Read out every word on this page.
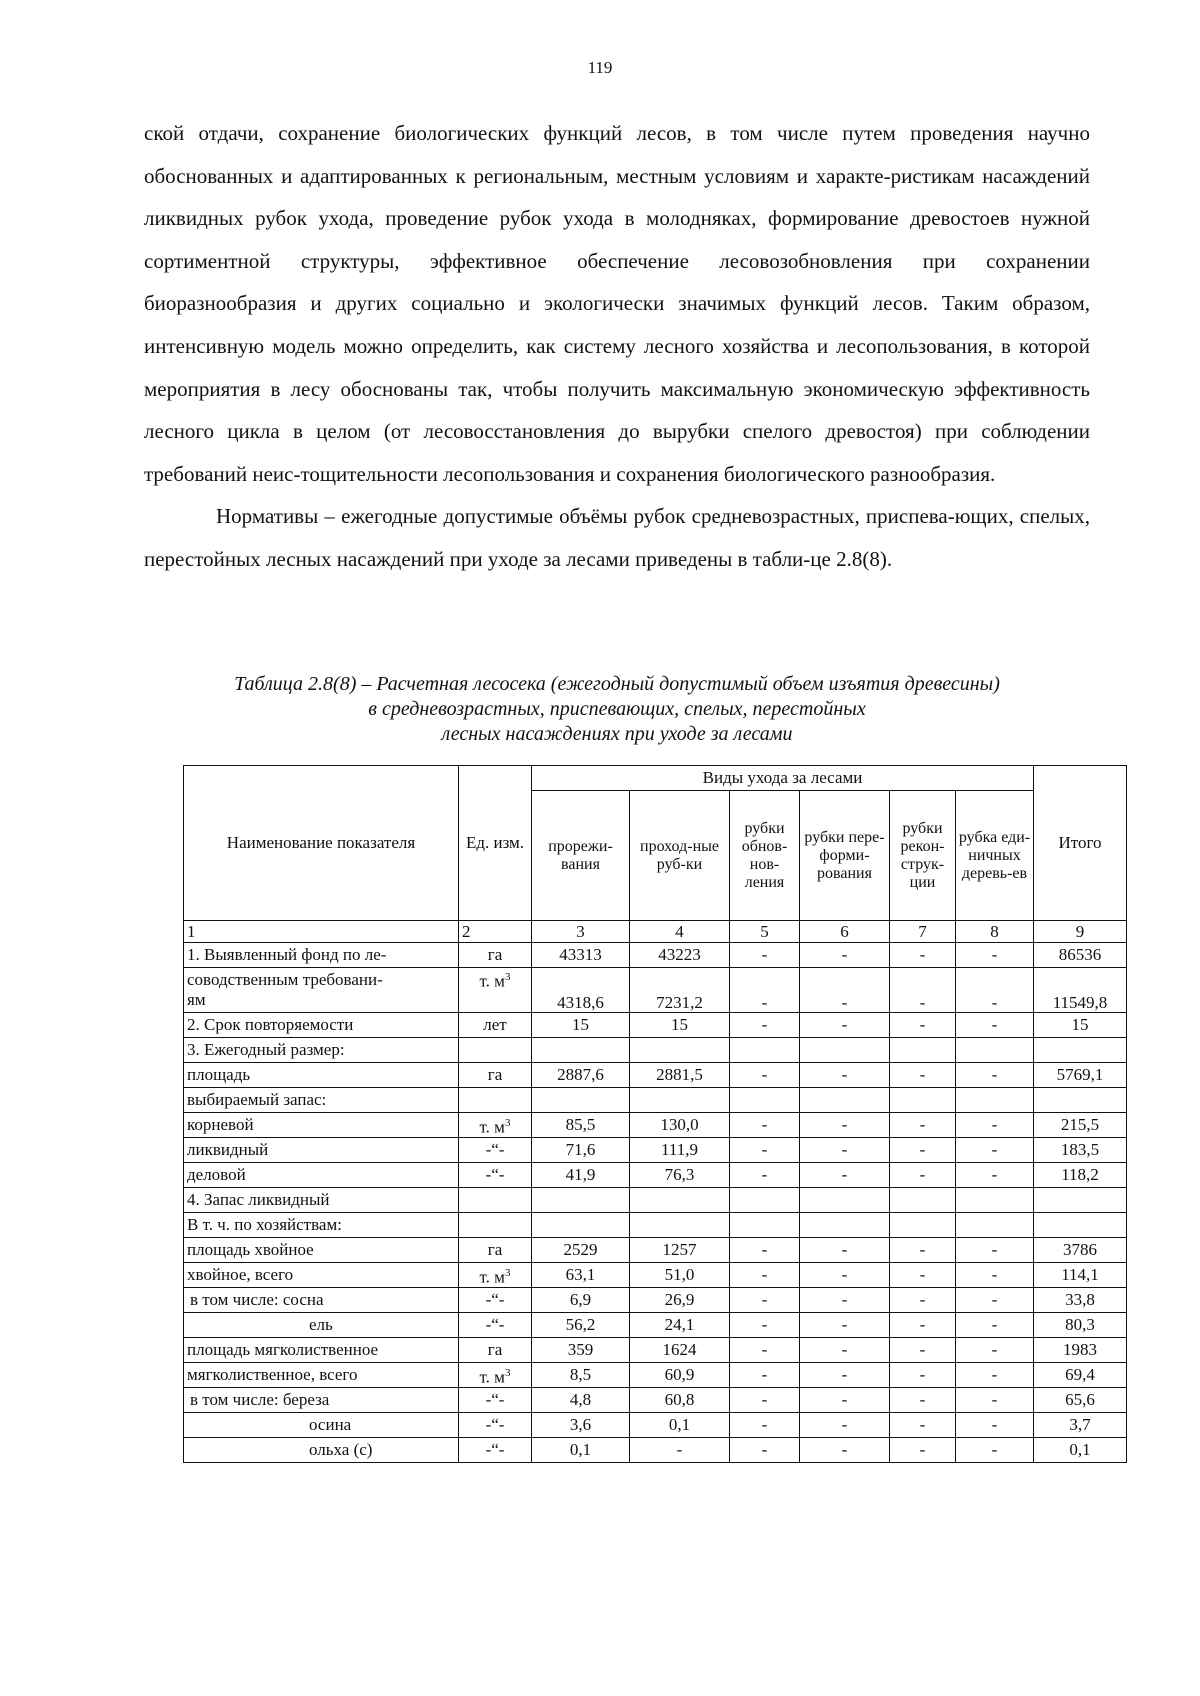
119

ской отдачи, сохранение биологических функций лесов, в том числе путем проведения научно обоснованных и адаптированных к региональным, местным условиям и характе-ристикам насаждений ликвидных рубок ухода, проведение рубок ухода в молодняках, формирование древостоев нужной сортиментной структуры, эффективное обеспечение лесовозобновления при сохранении биоразнообразия и других социально и экологически значимых функций лесов. Таким образом, интенсивную модель можно определить, как систему лесного хозяйства и лесопользования, в которой мероприятия в лесу обоснованы так, чтобы получить максимальную экономическую эффективность лесного цикла в целом (от лесовосстановления до вырубки спелого древостоя) при соблюдении требований неис-тощительности лесопользования и сохранения биологического разнообразия.

Нормативы – ежегодные допустимые объёмы рубок средневозрастных, приспева-ющих, спелых, перестойных лесных насаждений при уходе за лесами приведены в табли-це 2.8(8).

Таблица 2.8(8) – Расчетная лесосека (ежегодный допустимый объем изъятия древесины)
в средневозрастных, приспевающих, спелых, перестойных
лесных насаждениях при уходе за лесами
Наименование показателя	Ед. изм.	Виды ухода за лесами						Итого
		прорежи-вания	проход-ные руб-ки	рубки обнов-нов-ления	рубки пере-форми-рования	рубки рекон-струк-ции	рубка еди-ничных деревь-ев	
1	2	3	4	5	6	7	8	9
1. Выявленный фонд по ле-	га	43313	43223	-	-	-	-	86536

соводственным требовани-
ям	т. $м^3$	4318,6	7231,2	-	-	-	-	11549,8
2. Срок повторяемости	лет	15	15	-	-	-	-	15
3. Ежегодный размер:								
площадь	га	2887,6	2881,5	-	-	-	-	5769,1
выбираемый запас:								
корневой	т. $м^3$	85,5	130,0	-	-	-	-	215,5
ликвидный	-“-	71,6	111,9	-	-	-	-	183,5
деловой	-“-	41,9	76,3	-	-	-	-	118,2
4. Запас ликвидный								
В т. ч. по хозяйствам:								
площадь хвойное	га	2529	1257	-	-	-	-	3786
хвойное, всего	т. $м^3$	63,1	51,0	-	-	-	-	114,1
в том числе: сосна	-“-	6,9	26,9	-	-	-	-	33,8
ель	-“-	56,2	24,1	-	-	-	-	80,3
площадь мягколиственное	га	359	1624	-	-	-	-	1983
мягколиственное, всего	т. $м^3$	8,5	60,9	-	-	-	-	69,4
в том числе: береза	-“-	4,8	60,8	-	-	-	-	65,6
осина	-“-	3,6	0,1	-	-	-	-	3,7
ольха (с)	-“-	0,1	-	-	-	-	-	0,1
